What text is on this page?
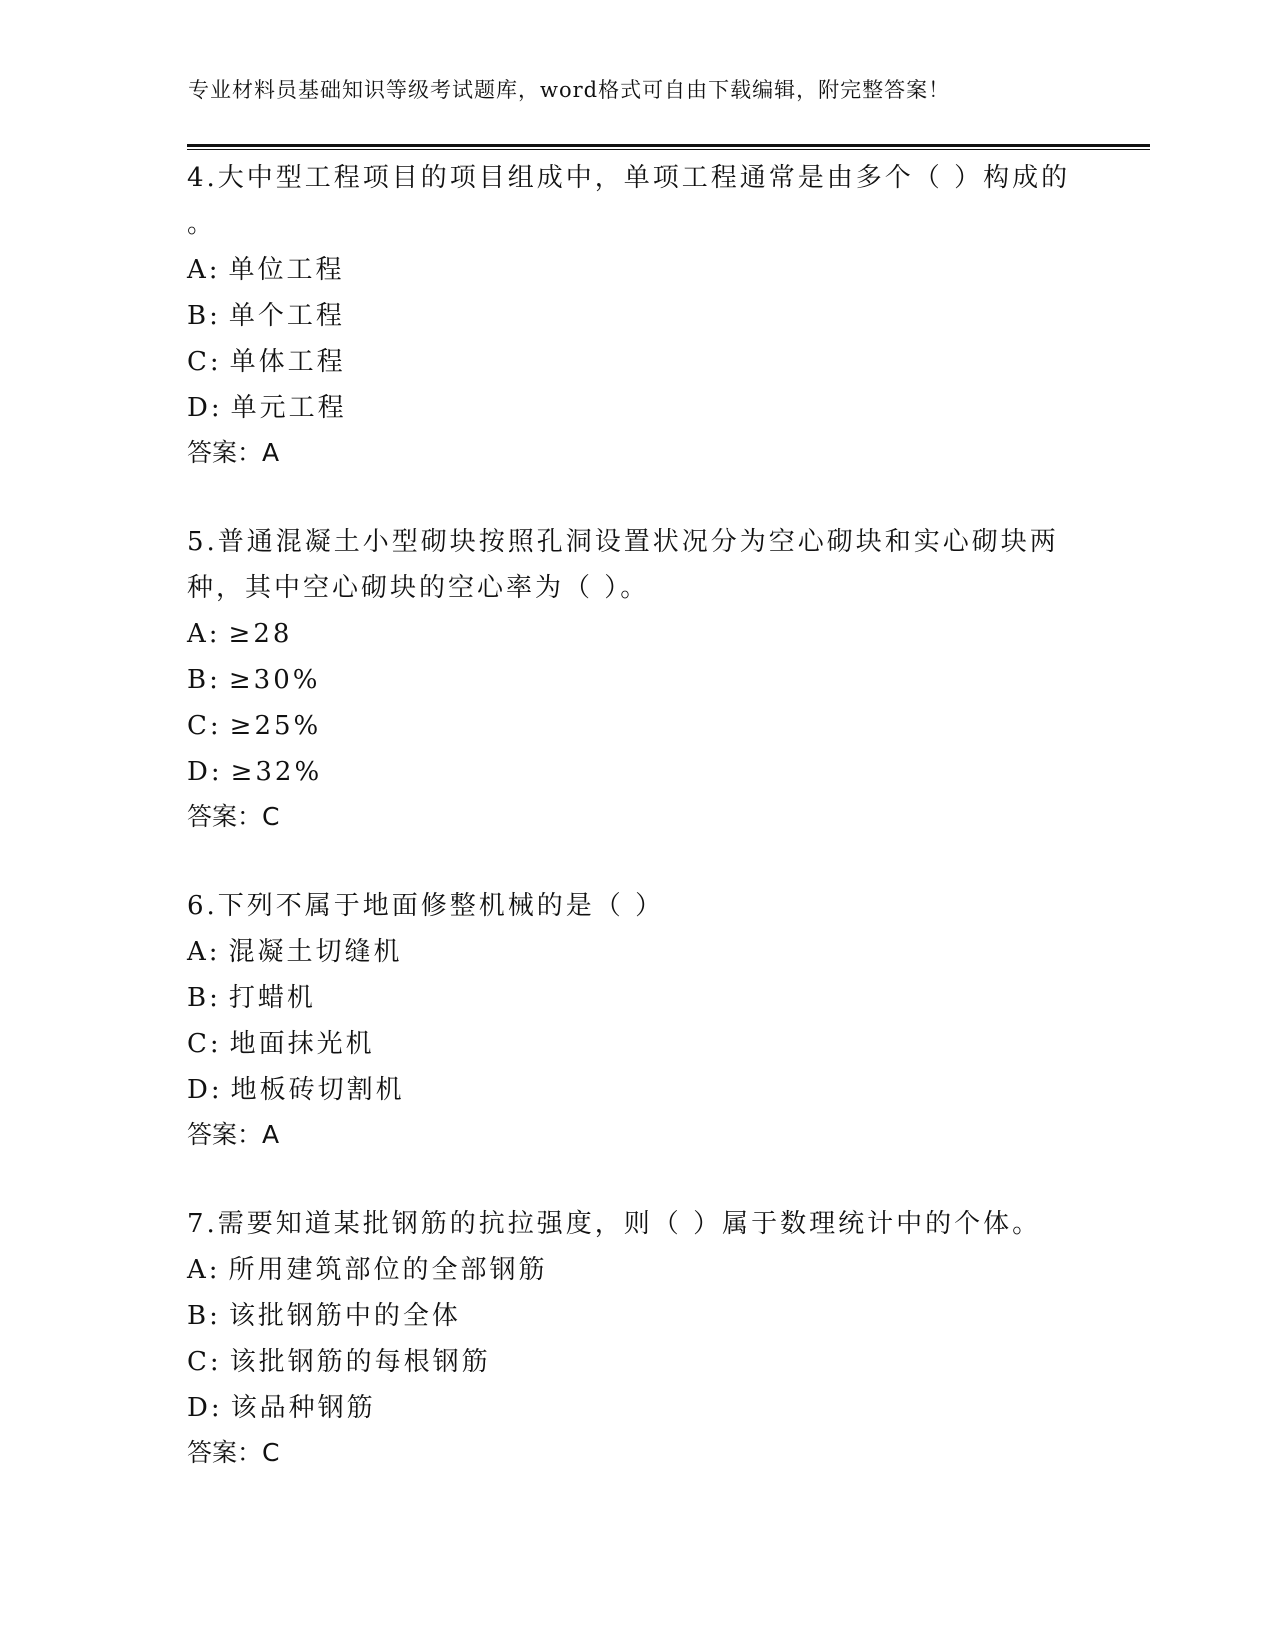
专业材料员基础知识等级考试题库，word格式可自由下载编辑，附完整答案！
4.大中型工程项目的项目组成中，单项工程通常是由多个（ ）构成的
。
A: 单位工程
B: 单个工程
C: 单体工程
D: 单元工程
答案：A
5.普通混凝土小型砌块按照孔洞设置状况分为空心砌块和实心砌块两
种，其中空心砌块的空心率为（ ）。
A: ≥28
B: ≥30%
C: ≥25%
D: ≥32%
答案：C
6.下列不属于地面修整机械的是（ ）
A: 混凝土切缝机
B: 打蜡机
C: 地面抹光机
D: 地板砖切割机
答案：A
7.需要知道某批钢筋的抗拉强度，则（ ）属于数理统计中的个体。
A: 所用建筑部位的全部钢筋
B: 该批钢筋中的全体
C: 该批钢筋的每根钢筋
D: 该品种钢筋
答案：C
